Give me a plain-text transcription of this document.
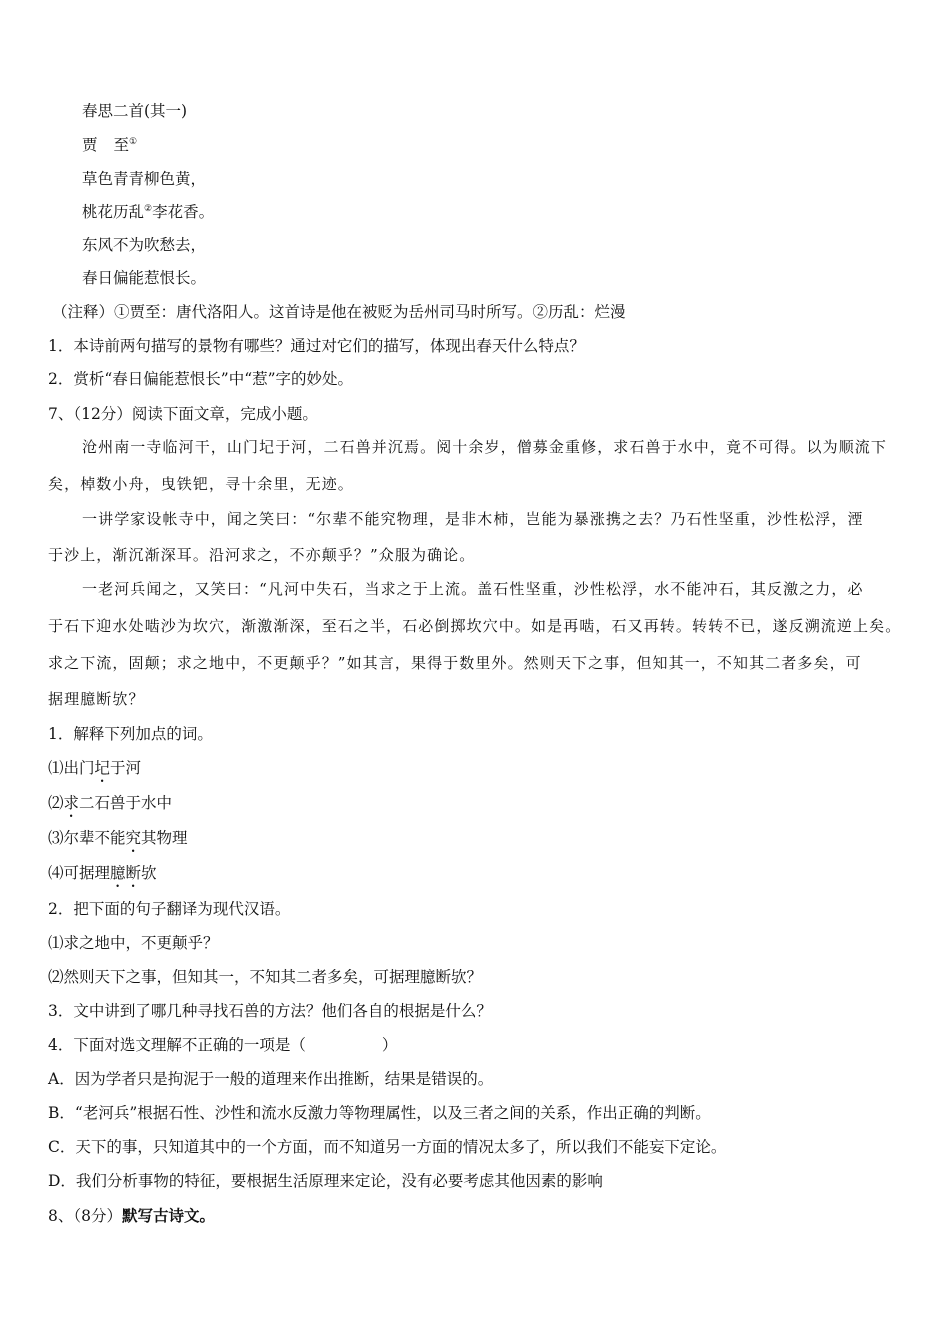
春思二首(其一)
贾 至①
草色青青柳色黄，
桃花历乱②李花香。
东风不为吹愁去，
春日偏能惹恨长。
（注释）①贾至：唐代洛阳人。这首诗是他在被贬为岳州司马时所写。②历乱：烂漫
1．本诗前两句描写的景物有哪些？通过对它们的描写，体现出春天什么特点？
2．赏析“春日偏能惹恨长”中“惹”字的妙处。
7、（12分）阅读下面文章，完成小题。
沧州南一寺临河干，山门圮于河，二石兽并沉焉。阅十余岁，僧募金重修，求石兽于水中，竟不可得。以为顺流下
矣，棹数小舟，曳铁钯，寻十余里，无迹。
一讲学家设帐寺中，闻之笑曰：“尔辈不能究物理，是非木柿，岂能为暴涨携之去？乃石性坚重，沙性松浮，湮
于沙上，渐沉渐深耳。沿河求之，不亦颠乎？”众服为确论。
一老河兵闻之，又笑曰：“凡河中失石，当求之于上流。盖石性坚重，沙性松浮，水不能冲石，其反激之力，必
于石下迎水处啮沙为坎穴，渐激渐深，至石之半，石必倒掷坎穴中。如是再啮，石又再转。转转不已，遂反溯流逆上矣。
求之下流，固颠；求之地中，不更颠乎？”如其言，果得于数里外。然则天下之事，但知其一，不知其二者多矣，可
据理臆断欤？
1．解释下列加点的词。
⑴出门圮于河
⑵求二石兽于水中
⑶尔辈不能究其物理
⑷可据理臆断欤
2．把下面的句子翻译为现代汉语。
⑴求之地中，不更颠乎？
⑵然则天下之事，但知其一，不知其二者多矣，可据理臆断欤？
3．文中讲到了哪几种寻找石兽的方法？他们各自的根据是什么？
4．下面对选文理解不正确的一项是（	）
A．因为学者只是拘泥于一般的道理来作出推断，结果是错误的。
B．“老河兵”根据石性、沙性和流水反激力等物理属性，以及三者之间的关系，作出正确的判断。
C．天下的事，只知道其中的一个方面，而不知道另一方面的情况太多了，所以我们不能妄下定论。
D．我们分析事物的特征，要根据生活原理来定论，没有必要考虑其他因素的影响
8、（8分）默写古诗文。
